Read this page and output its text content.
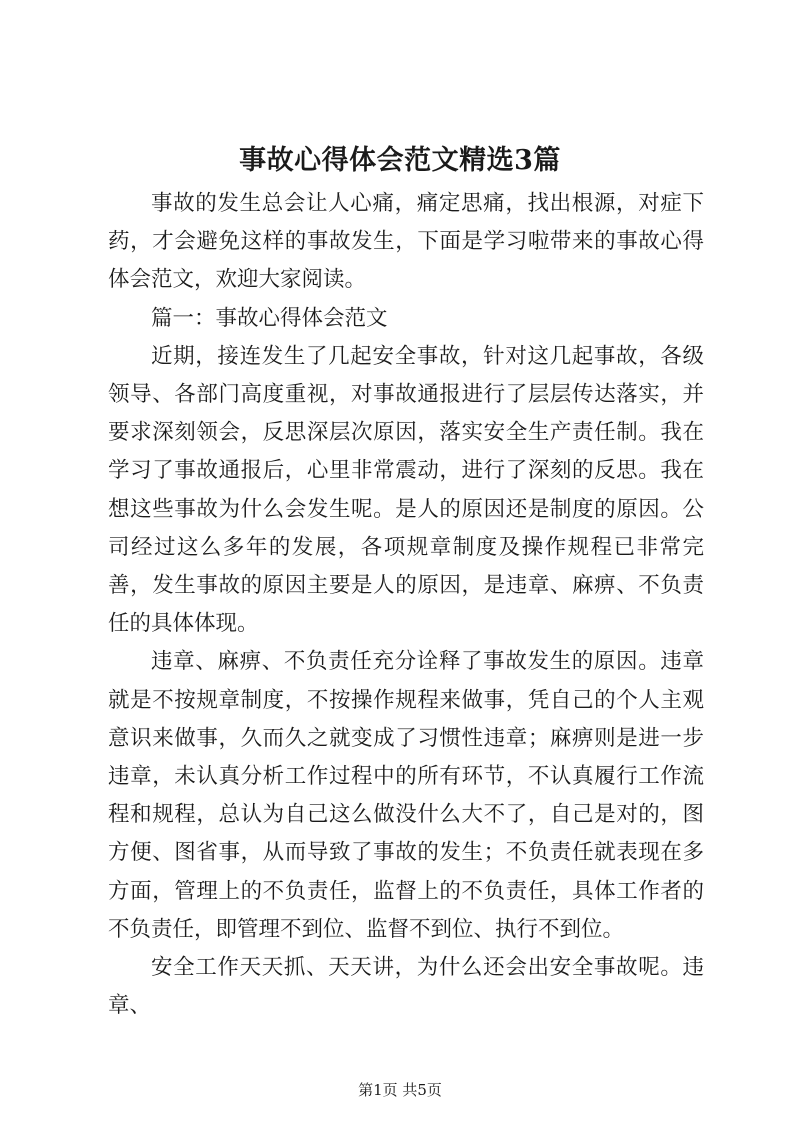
事故心得体会范文精选3篇

事故的发生总会让人心痛，痛定思痛，找出根源，对症下药，才会避免这样的事故发生，下面是学习啦带来的事故心得体会范文，欢迎大家阅读。

篇一：事故心得体会范文

近期，接连发生了几起安全事故，针对这几起事故，各级领导、各部门高度重视，对事故通报进行了层层传达落实，并要求深刻领会，反思深层次原因，落实安全生产责任制。我在学习了事故通报后，心里非常震动，进行了深刻的反思。我在想这些事故为什么会发生呢。是人的原因还是制度的原因。公司经过这么多年的发展，各项规章制度及操作规程已非常完善，发生事故的原因主要是人的原因，是违章、麻痹、不负责任的具体体现。

违章、麻痹、不负责任充分诠释了事故发生的原因。违章就是不按规章制度，不按操作规程来做事，凭自己的个人主观意识来做事，久而久之就变成了习惯性违章；麻痹则是进一步违章，未认真分析工作过程中的所有环节，不认真履行工作流程和规程，总认为自己这么做没什么大不了，自己是对的，图方便、图省事，从而导致了事故的发生；不负责任就表现在多方面，管理上的不负责任，监督上的不负责任，具体工作者的不负责任，即管理不到位、监督不到位、执行不到位。

安全工作天天抓、天天讲，为什么还会出安全事故呢。违章、

第1页 共5页
